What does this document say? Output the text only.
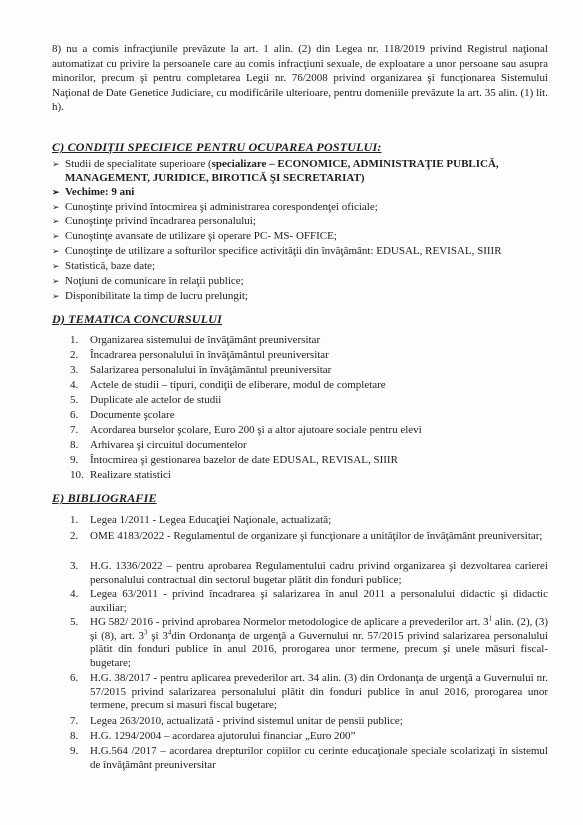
8) nu a comis infracţiunile prevăzute la art. 1 alin. (2) din Legea nr. 118/2019 privind Registrul naţional automatizat cu privire la persoanele care au comis infracţiuni sexuale, de exploatare a unor persoane sau asupra minorilor, precum şi pentru completarea Legii nr. 76/2008 privind organizarea şi funcţionarea Sistemului Naţional de Date Genetice Judiciare, cu modificările ulterioare, pentru domeniile prevăzute la art. 35 alin. (1) lit. h).
C) CONDIŢII SPECIFICE PENTRU OCUPAREA POSTULUI:
➢ Studii de specialitate superioare (specializare – ECONOMICE, ADMINISTRAŢIE PUBLICĂ,
MANAGEMENT, JURIDICE, BIROTICĂ ŞI SECRETARIAT)
➢ Vechime: 9 ani
➢ Cunoştinţe privind întocmirea şi administrarea corespondenţei oficiale;
➢ Cunoştinţe privind încadrarea personalului;
➢ Cunoştinţe avansate de utilizare şi operare PC- MS- OFFICE;
➢ Cunoştinţe de utilizare a softurilor specifice activităţii din învăţământ: EDUSAL, REVISAL, SIIIR
➢ Statistică, baze date;
➢ Noţiuni de comunicare în relaţii publice;
➢ Disponibilitate la timp de lucru prelungit;
D) TEMATICA CONCURSULUI
1. Organizarea sistemului de învăţământ preuniversitar
2. Încadrarea personalului în învăţământul preuniversitar
3. Salarizarea personalului în învăţământul preuniversitar
4. Actele de studii – tipuri, condiţii de eliberare, modul de completare
5. Duplicate ale actelor de studii
6. Documente şcolare
7. Acordarea burselor şcolare, Euro 200 şi a altor ajutoare sociale pentru elevi
8. Arhivarea şi circuitul documentelor
9. Întocmirea şi gestionarea bazelor de date EDUSAL, REVISAL, SIIIR
10. Realizare statistici
E) BIBLIOGRAFIE
1.	Legea 1/2011 - Legea Educaţiei Naţionale, actualizată;
2.	OME 4183/2022 - Regulamentul de organizare şi funcţionare a unităţilor de învăţământ preuniversitar;
3.	H.G. 1336/2022 – pentru aprobarea Regulamentului cadru privind organizarea şi dezvoltarea carierei personalului contractual din sectorul bugetar plătit din fonduri publice;
4.	Legea 63/2011 - privind încadrarea şi salarizarea în anul 2011 a personalului didactic şi didactic auxiliar;
5.	HG 582/ 2016 - privind aprobarea Normelor metodologice de aplicare a prevederilor art. $3^1$ alin. (2), (3) şi (8), art. $3^3$ şi $3^4din$ Ordonanţa de urgenţă a Guvernului nr. 57/2015 privind salarizarea personalului plătit din fonduri publice în anul 2016, prorogarea unor termene, precum şi unele măsuri fiscal-bugetare;
6.	H.G. 38/2017 - pentru aplicarea prevederilor art. 34 alin. (3) din Ordonanţa de urgenţă a Guvernului nr. 57/2015 privind salarizarea personalului plătit din fonduri publice în anul 2016, prorogarea unor termene, precum si masuri fiscal bugetare;
7.	Legea 263/2010, actualizată - privind sistemul unitar de pensii publice;
8.	H.G. 1294/2004 – acordarea ajutorului financiar „Euro 200”
9.	H.G.564 /2017 – acordarea drepturilor copiilor cu cerinte educaţionale speciale scolarizaţi în sistemul de învăţământ preuniversitar
